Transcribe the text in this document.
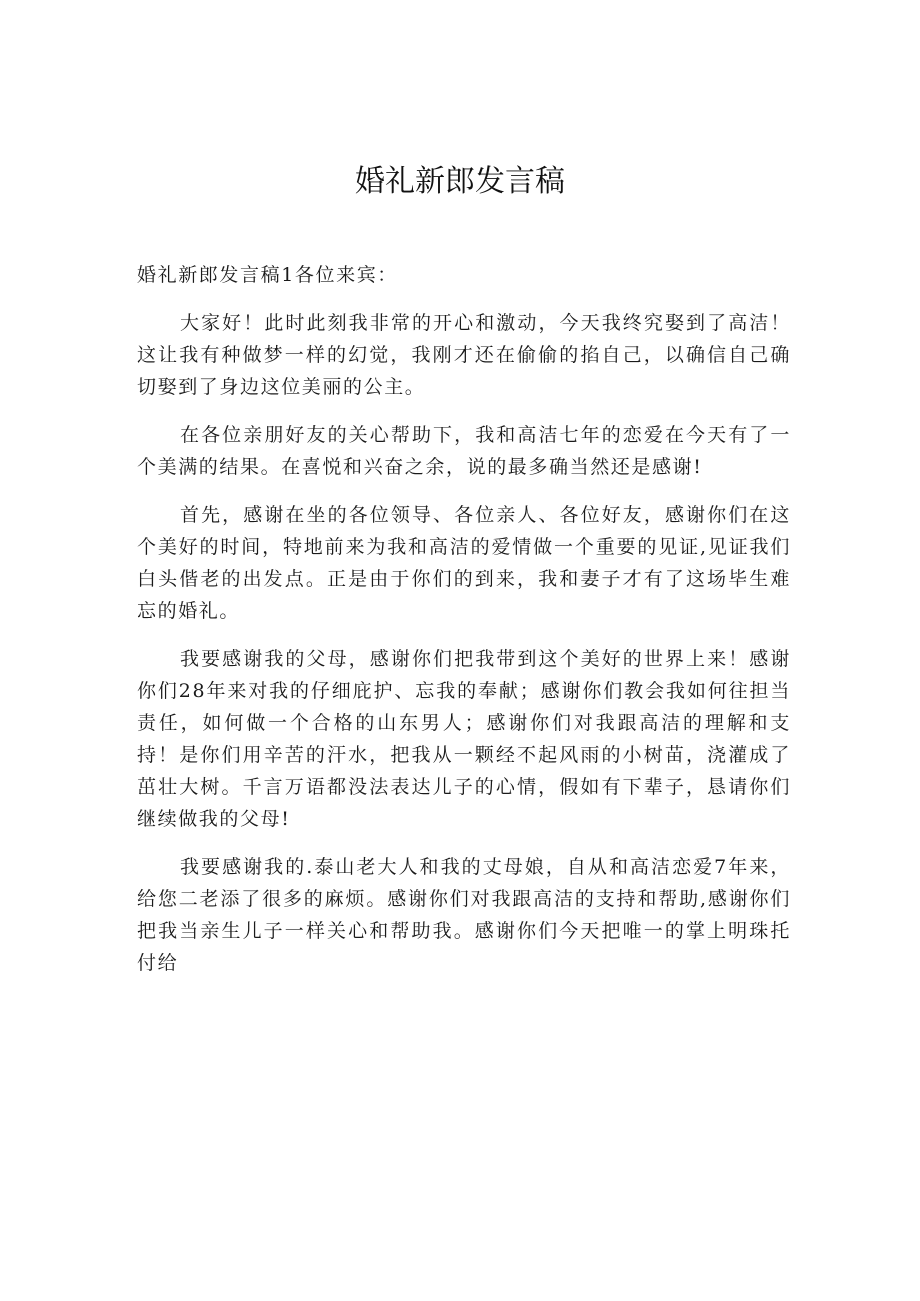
婚礼新郎发言稿

婚礼新郎发言稿1各位来宾：

大家好！此时此刻我非常的开心和激动，今天我终究娶到了高洁！这让我有种做梦一样的幻觉，我刚才还在偷偷的掐自己，以确信自己确切娶到了身边这位美丽的公主。

在各位亲朋好友的关心帮助下，我和高洁七年的恋爱在今天有了一个美满的结果。在喜悦和兴奋之余，说的最多确当然还是感谢!

首先，感谢在坐的各位领导、各位亲人、各位好友，感谢你们在这个美好的时间，特地前来为我和高洁的爱情做一个重要的见证,见证我们白头偕老的出发点。正是由于你们的到来，我和妻子才有了这场毕生难忘的婚礼。

我要感谢我的父母，感谢你们把我带到这个美好的世界上来！感谢你们28年来对我的仔细庇护、忘我的奉献；感谢你们教会我如何往担当责任，如何做一个合格的山东男人；感谢你们对我跟高洁的理解和支持！是你们用辛苦的汗水，把我从一颗经不起风雨的小树苗，浇灌成了茁壮大树。千言万语都没法表达儿子的心情，假如有下辈子，恳请你们继续做我的父母!

我要感谢我的.泰山老大人和我的丈母娘，自从和高洁恋爱7年来，给您二老添了很多的麻烦。感谢你们对我跟高洁的支持和帮助,感谢你们把我当亲生儿子一样关心和帮助我。感谢你们今天把唯一的掌上明珠托付给
